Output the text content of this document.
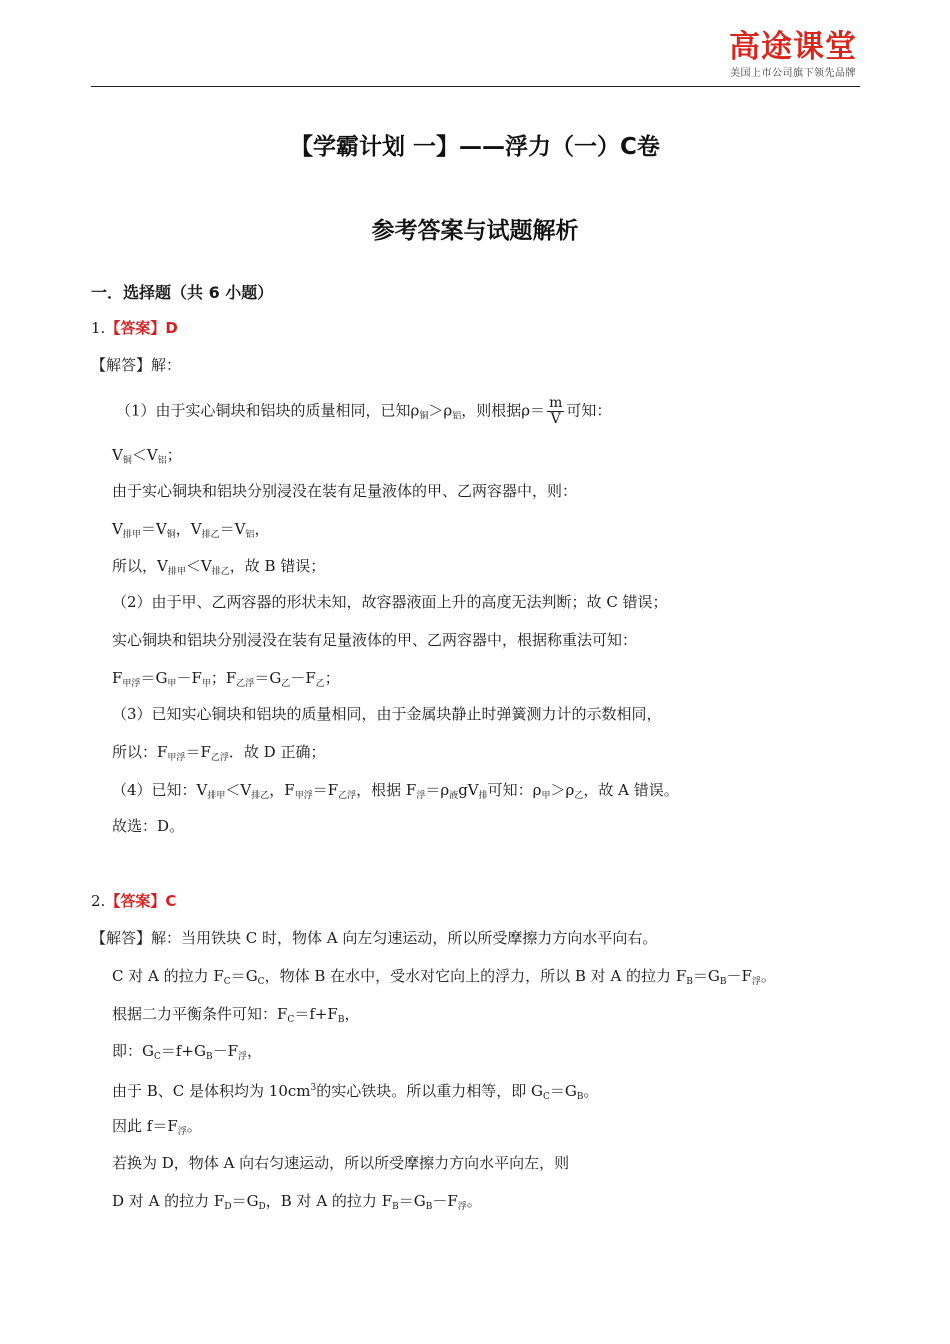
高途课堂
美国上市公司旗下领先品牌
【学霸计划 一】——浮力（一）C卷
参考答案与试题解析
一．选择题（共 6 小题）
1.【答案】D
【解答】解：
（1）由于实心铜块和铝块的质量相同，已知$\rho_铜>\rho_铝$，则根据$\rho= \frac{m}{V}$ 可知：
$V_铜<V_铝$；
由于实心铜块和铝块分别浸没在装有足量液体的甲、乙两容器中，则：
$V_{排甲}=V_铜$，$V_{排乙}=V_铝$，
所以，$V_{排甲}<V_{排乙}$，故 B 错误；
（2）由于甲、乙两容器的形状未知，故容器液面上升的高度无法判断；故 C 错误；
实心铜块和铝块分别浸没在装有足量液体的甲、乙两容器中，根据称重法可知：
$F_{甲浮}=G_甲-F_甲$；$F_{乙浮}=G_乙-F_乙$；
（3）已知实心铜块和铝块的质量相同，由于金属块静止时弹簧测力计的示数相同，
所以：$F_{甲浮}=F_{乙浮}$．故 D 正确；
（4）已知：$V_{排甲}<V_{排乙}$，$F_{甲浮}=F_{乙浮}$，根据 $F_浮=\rho_液gV_排$可知：$\rho_甲>\rho_乙$，故 A 错误。
故选：D。
2.【答案】C
【解答】解：当用铁块 C 时，物体 A 向左匀速运动，所以所受摩擦力方向水平向右。
C 对 A 的拉力 $F_C=G_C$，物体 B 在水中，受水对它向上的浮力，所以 B 对 A 的拉力 $F_B=G_B-F_浮$。
根据二力平衡条件可知：$F_C=f+F_B$，
即：$G_C=f+G_B-F_浮$，
由于 B、C 是体积均为 $10cm^3$的实心铁块。所以重力相等，即 $G_C=G_B$。
因此 $f=F_浮$。
若换为 D，物体 A 向右匀速运动，所以所受摩擦力方向水平向左，则
D 对 A 的拉力 $F_D=G_D$，B 对 A 的拉力 $F_B=G_B-F_浮$。
